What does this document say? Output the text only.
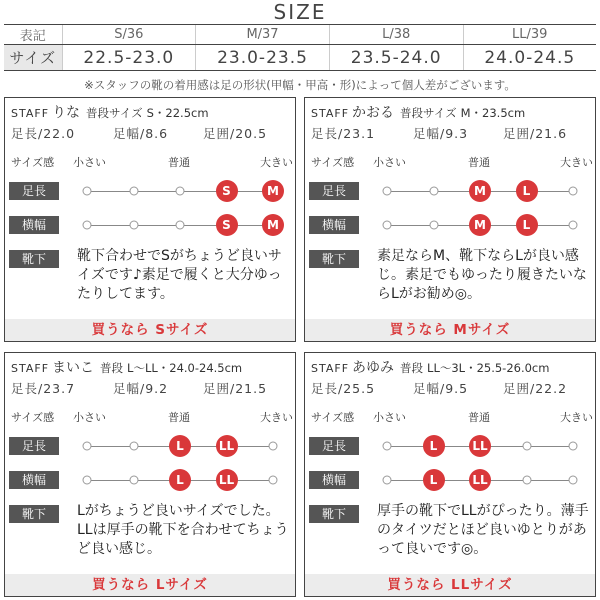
SIZE
表記	S/36	M/37	L/38	LL/39
サイズ	22.5-23.0	23.0-23.5	23.5-24.0	24.0-24.5
※スタッフの靴の着用感は足の形状(甲幅・甲高・形)によって個人差がございます。
STAFF りな 普段サイズ S・22.5cm
足長/22.0	足幅/8.6	足囲/20.5
サイズ感 小さい	普通	大きい
足長
横幅
靴下	靴下合わせでSがちょうど良いサイズです♪素足で履くと大分ゆったりしてます。
買うなら Sサイズ
S	M
S	M
STAFF かおる 普段サイズ M・23.5cm
足長/23.1	足幅/9.3	足囲/21.6
サイズ感 小さい	普通	大きい
足長
横幅
靴下	素足ならM、靴下ならLが良い感じ。素足でもゆったり履きたいならLがお勧め◎。
買うなら Mサイズ
M	L
M	L
STAFF まいこ 普段 L〜LL・24.0-24.5cm
足長/23.7	足幅/9.2	足囲/21.5
サイズ感 小さい	普通	大きい
足長
横幅
靴下	Lがちょうど良いサイズでした。LLは厚手の靴下を合わせてちょうど良い感じ。
買うなら Lサイズ
L	LL
L	LL
STAFF あゆみ 普段 LL〜3L・25.5-26.0cm
足長/25.5	足幅/9.5	足囲/22.2
サイズ感 小さい	普通	大きい
足長
横幅
靴下	厚手の靴下でLLがぴったり。薄手のタイツだとほど良いゆとりがあって良いです◎。
買うなら LLサイズ
L	LL
L	LL
